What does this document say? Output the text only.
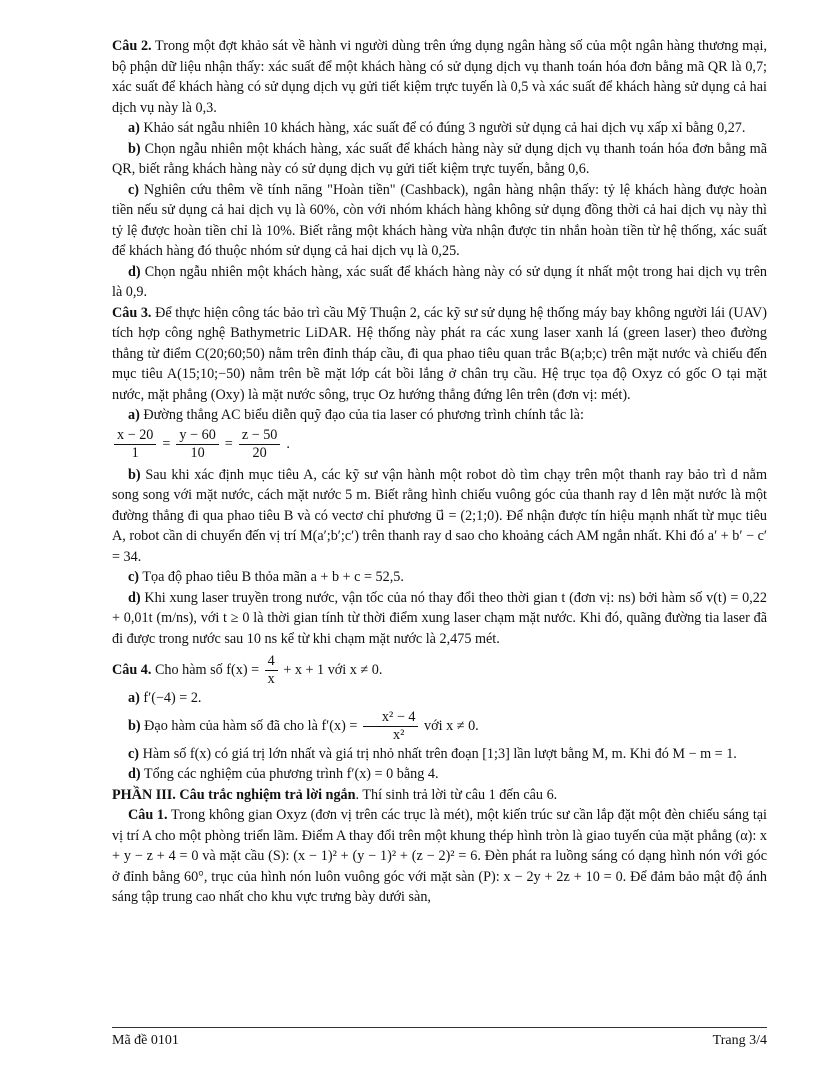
Câu 2. Trong một đợt khảo sát về hành vi người dùng trên ứng dụng ngân hàng số của một ngân hàng thương mại, bộ phận dữ liệu nhận thấy: xác suất để một khách hàng có sử dụng dịch vụ thanh toán hóa đơn bằng mã QR là 0,7; xác suất để khách hàng có sử dụng dịch vụ gửi tiết kiệm trực tuyến là 0,5 và xác suất để khách hàng sử dụng cả hai dịch vụ này là 0,3.

a) Khảo sát ngẫu nhiên 10 khách hàng, xác suất để có đúng 3 người sử dụng cả hai dịch vụ xấp xỉ bằng 0,27.

b) Chọn ngẫu nhiên một khách hàng, xác suất để khách hàng này sử dụng dịch vụ thanh toán hóa đơn bằng mã QR, biết rằng khách hàng này có sử dụng dịch vụ gửi tiết kiệm trực tuyến, bằng 0,6.

c) Nghiên cứu thêm về tính năng "Hoàn tiền" (Cashback), ngân hàng nhận thấy: tỷ lệ khách hàng được hoàn tiền nếu sử dụng cả hai dịch vụ là 60%, còn với nhóm khách hàng không sử dụng đồng thời cả hai dịch vụ này thì tỷ lệ được hoàn tiền chỉ là 10%. Biết rằng một khách hàng vừa nhận được tin nhắn hoàn tiền từ hệ thống, xác suất để khách hàng đó thuộc nhóm sử dụng cả hai dịch vụ là 0,25.

d) Chọn ngẫu nhiên một khách hàng, xác suất để khách hàng này có sử dụng ít nhất một trong hai dịch vụ trên là 0,9.

Câu 3. Để thực hiện công tác bảo trì cầu Mỹ Thuận 2, các kỹ sư sử dụng hệ thống máy bay không người lái (UAV) tích hợp công nghệ Bathymetric LiDAR. Hệ thống này phát ra các xung laser xanh lá (green laser) theo đường thẳng từ điểm C(20;60;50) nằm trên đỉnh tháp cầu, đi qua phao tiêu quan trắc B(a;b;c) trên mặt nước và chiếu đến mục tiêu A(15;10;−50) nằm trên bề mặt lớp cát bồi lắng ở chân trụ cầu. Hệ trục tọa độ Oxyz có gốc O tại mặt nước, mặt phẳng (Oxy) là mặt nước sông, trục Oz hướng thẳng đứng lên trên (đơn vị: mét).

a) Đường thẳng AC biểu diễn quỹ đạo của tia laser có phương trình chính tắc là:

$\frac{x - 20}{1} = \frac{y - 60}{10} = \frac{z - 50}{20}$ .

b) Sau khi xác định mục tiêu A, các kỹ sư vận hành một robot dò tìm chạy trên một thanh ray bảo trì d nằm song song với mặt nước, cách mặt nước 5 m. Biết rằng hình chiếu vuông góc của thanh ray d lên mặt nước là một đường thẳng đi qua phao tiêu B và có vectơ chỉ phương u⃗ = (2;1;0). Để nhận được tín hiệu mạnh nhất từ mục tiêu A, robot cần di chuyển đến vị trí M(a′;b′;c′) trên thanh ray d sao cho khoảng cách AM ngắn nhất. Khi đó a′ + b′ − c′ = 34.

c) Tọa độ phao tiêu B thỏa mãn a + b + c = 52,5.

d) Khi xung laser truyền trong nước, vận tốc của nó thay đổi theo thời gian t (đơn vị: ns) bởi hàm số v(t) = 0,22 + 0,01t (m/ns), với t ≥ 0 là thời gian tính từ thời điểm xung laser chạm mặt nước. Khi đó, quãng đường tia laser đã đi được trong nước sau 10 ns kể từ khi chạm mặt nước là 2,475 mét.

Câu 4. Cho hàm số $f(x) = \frac{4}{x} + x + 1$ với x ≠ 0.

a) f′(−4) = 2.

b) Đạo hàm của hàm số đã cho là $f'(x) = \frac{\text{x² − 4}}{\text{x²}}$ với x ≠ 0.

c) Hàm số f(x) có giá trị lớn nhất và giá trị nhỏ nhất trên đoạn [1;3] lần lượt bằng M, m. Khi đó M − m = 1.

d) Tổng các nghiệm của phương trình f′(x) = 0 bằng 4.

PHẦN III. Câu trắc nghiệm trả lời ngắn. Thí sinh trả lời từ câu 1 đến câu 6.

Câu 1. Trong không gian Oxyz (đơn vị trên các trục là mét), một kiến trúc sư cần lắp đặt một đèn chiếu sáng tại vị trí A cho một phòng triển lãm. Điểm A thay đổi trên một khung thép hình tròn là giao tuyến của mặt phẳng (α): x + y − z + 4 = 0 và mặt cầu (S): (x − 1)² + (y − 1)² + (z − 2)² = 6. Đèn phát ra luồng sáng có dạng hình nón với góc ở đỉnh bằng 60°, trục của hình nón luôn vuông góc với mặt sàn (P): x − 2y + 2z + 10 = 0. Để đảm bảo mật độ ánh sáng tập trung cao nhất cho khu vực trưng bày dưới sàn,

Mã đề 0101	Trang 3/4
